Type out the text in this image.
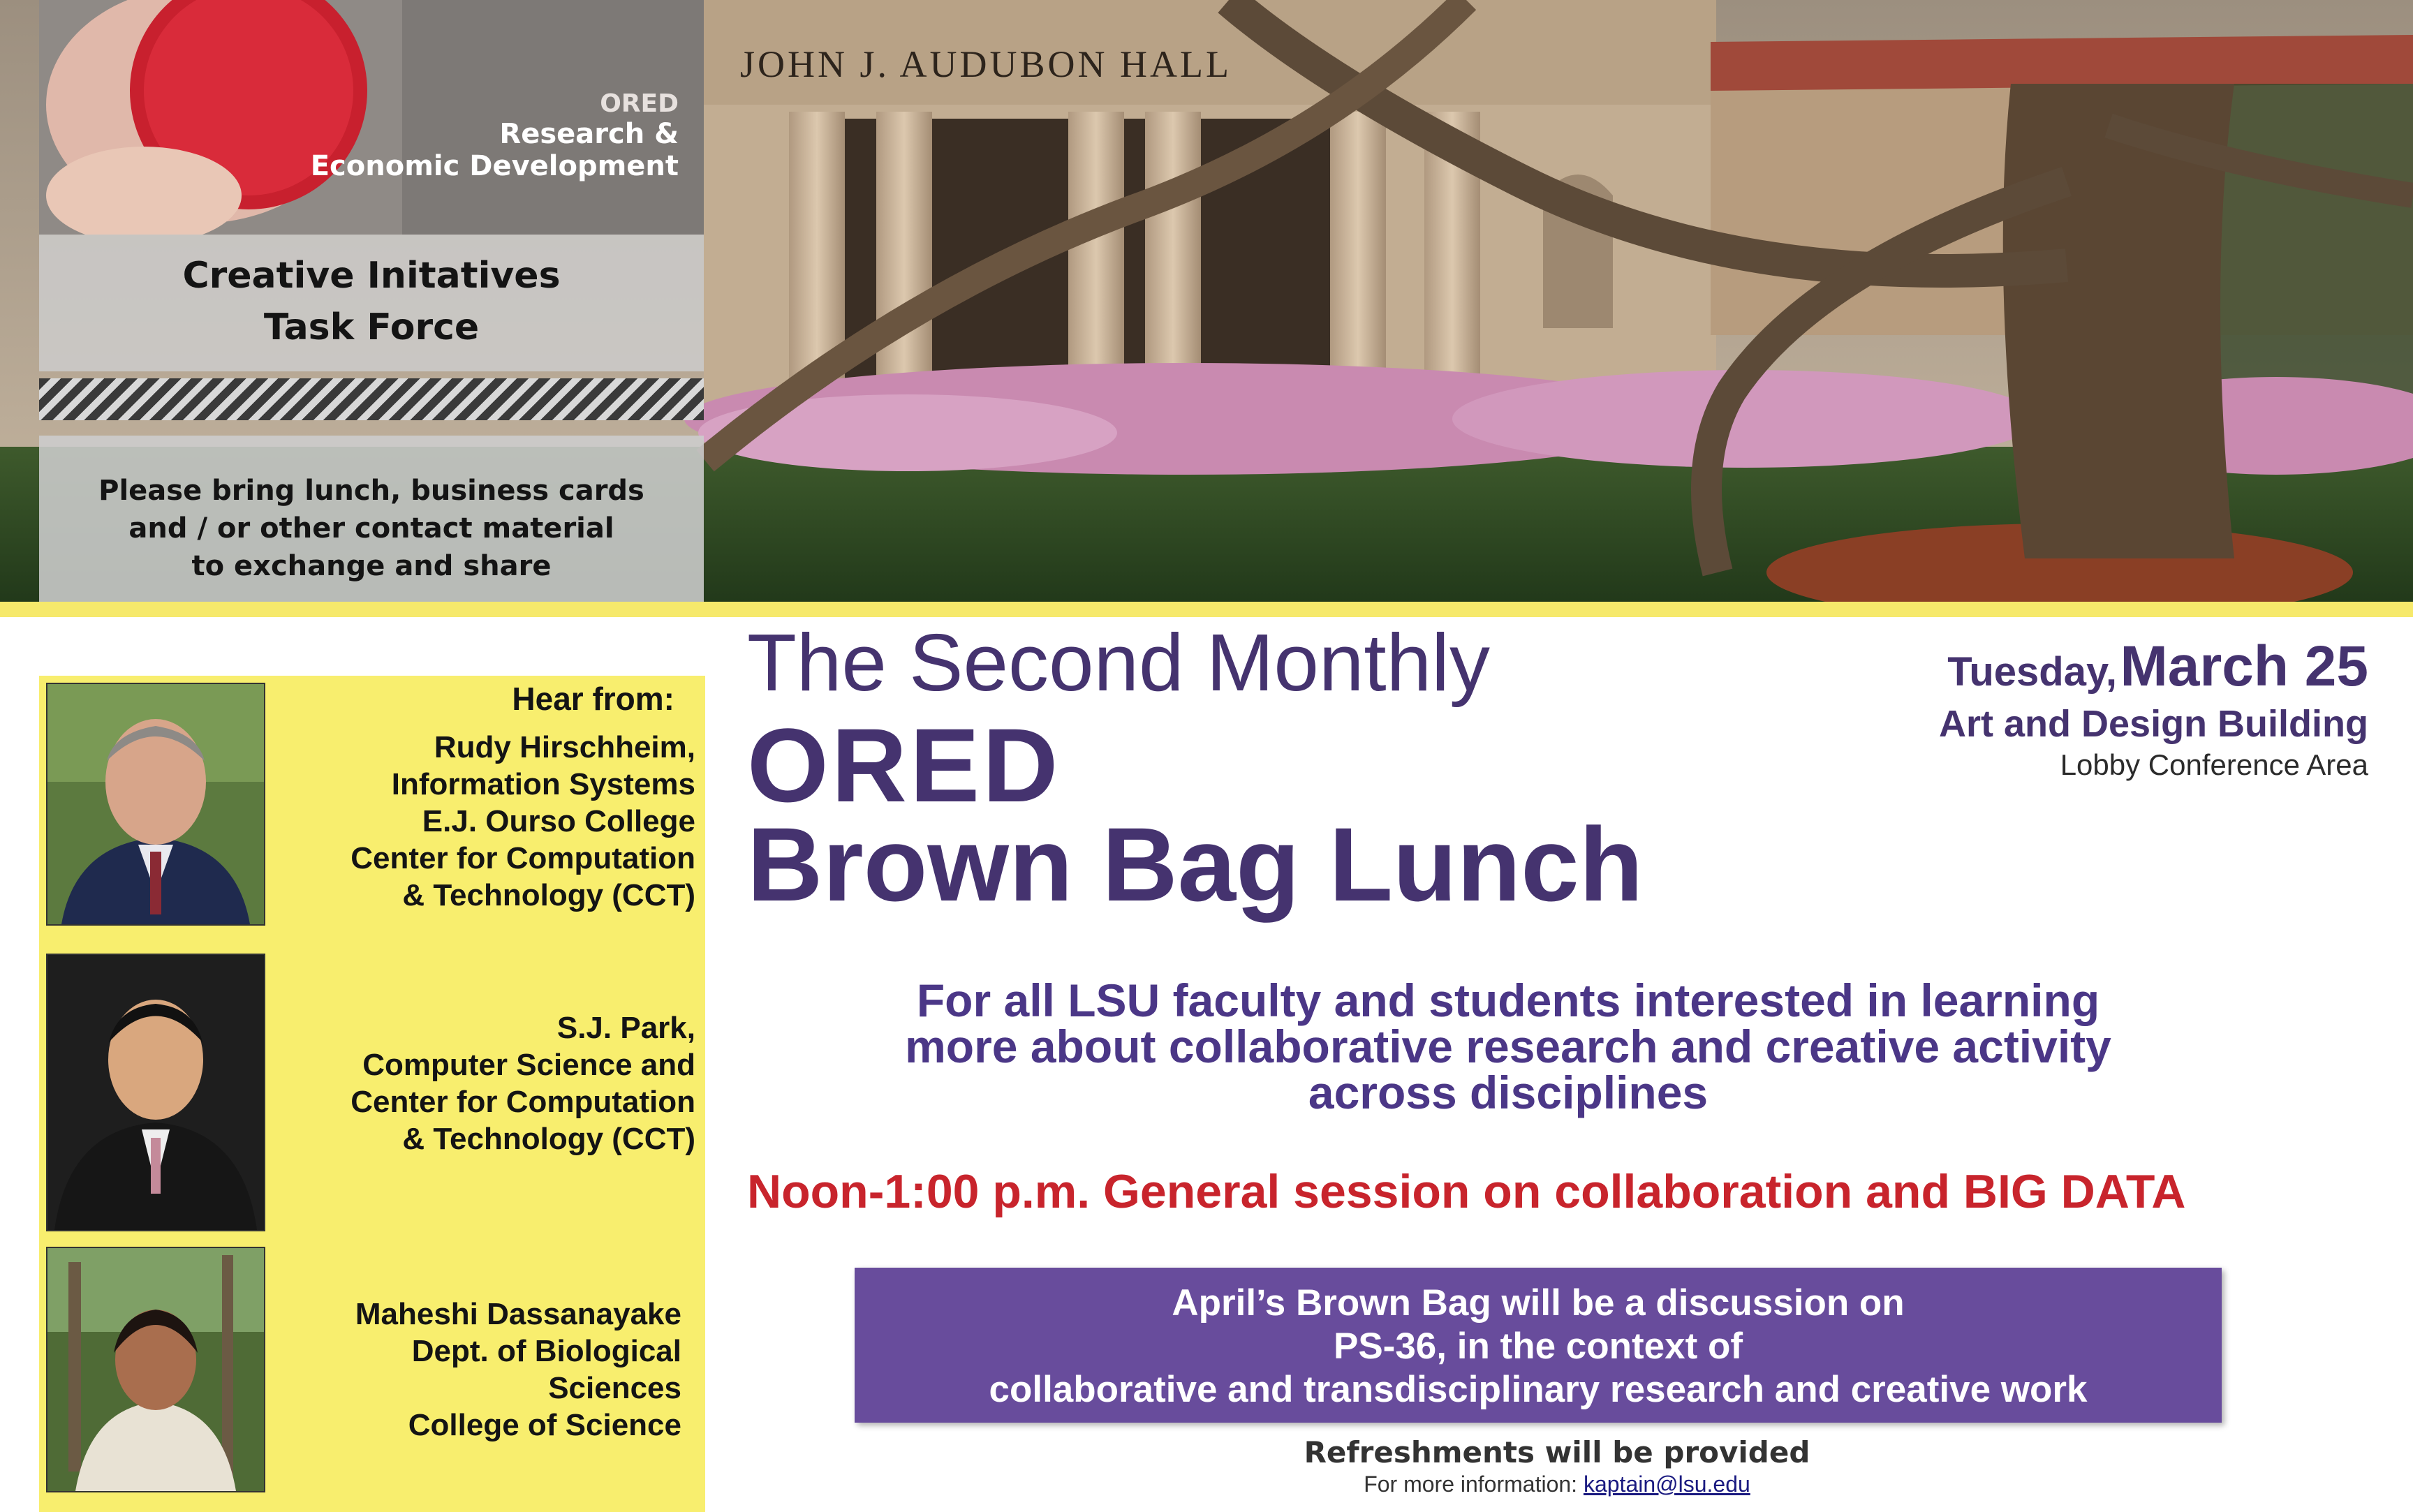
JOHN J. AUDUBON HALL
ORED
Research &
Economic Development
Creative Initatives
Task Force
Please bring lunch, business cards
and / or other contact material
to exchange and share
Hear from:
Rudy Hirschheim,
Information Systems
E.J. Ourso College
Center for Computation
& Technology (CCT)
S.J. Park,
Computer Science and
Center for Computation
& Technology (CCT)
Maheshi Dassanayake
Dept. of Biological
Sciences
College of Science
The Second Monthly
ORED
Brown Bag Lunch
Tuesday, March 25
Art and Design Building
Lobby Conference Area
For all LSU faculty and students interested in learning
more about collaborative research and creative activity
across disciplines
Noon-1:00 p.m. General session on collaboration and BIG DATA
April’s Brown Bag will be a discussion on
PS-36, in the context of
collaborative and transdisciplinary research and creative work
Refreshments will be provided
For more information: kaptain@lsu.edu
